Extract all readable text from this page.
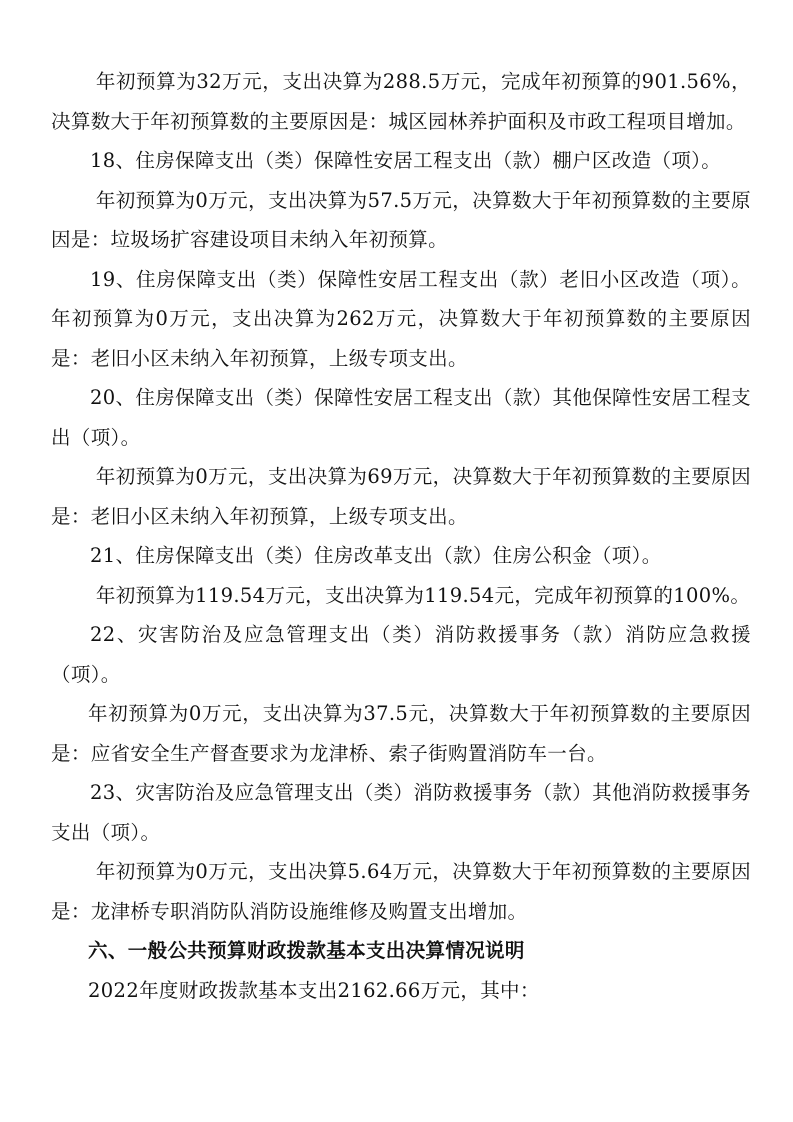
年初预算为32万元，支出决算为288.5万元，完成年初预算的901.56%，决算数大于年初预算数的主要原因是：城区园林养护面积及市政工程项目增加。

18、住房保障支出（类）保障性安居工程支出（款）棚户区改造（项）。

年初预算为0万元，支出决算为57.5万元，决算数大于年初预算数的主要原因是：垃圾场扩容建设项目未纳入年初预算。

19、住房保障支出（类）保障性安居工程支出（款）老旧小区改造（项）。年初预算为0万元，支出决算为262万元，决算数大于年初预算数的主要原因是：老旧小区未纳入年初预算，上级专项支出。

20、住房保障支出（类）保障性安居工程支出（款）其他保障性安居工程支出（项）。

年初预算为0万元，支出决算为69万元，决算数大于年初预算数的主要原因是：老旧小区未纳入年初预算，上级专项支出。

21、住房保障支出（类）住房改革支出（款）住房公积金（项）。

年初预算为119.54万元，支出决算为119.54元，完成年初预算的100%。

22、灾害防治及应急管理支出（类）消防救援事务（款）消防应急救援（项）。

年初预算为0万元，支出决算为37.5元，决算数大于年初预算数的主要原因是：应省安全生产督查要求为龙津桥、索子街购置消防车一台。

23、灾害防治及应急管理支出（类）消防救援事务（款）其他消防救援事务支出（项）。

年初预算为0万元，支出决算5.64万元，决算数大于年初预算数的主要原因是：龙津桥专职消防队消防设施维修及购置支出增加。

六、一般公共预算财政拨款基本支出决算情况说明

2022年度财政拨款基本支出2162.66万元，其中：
